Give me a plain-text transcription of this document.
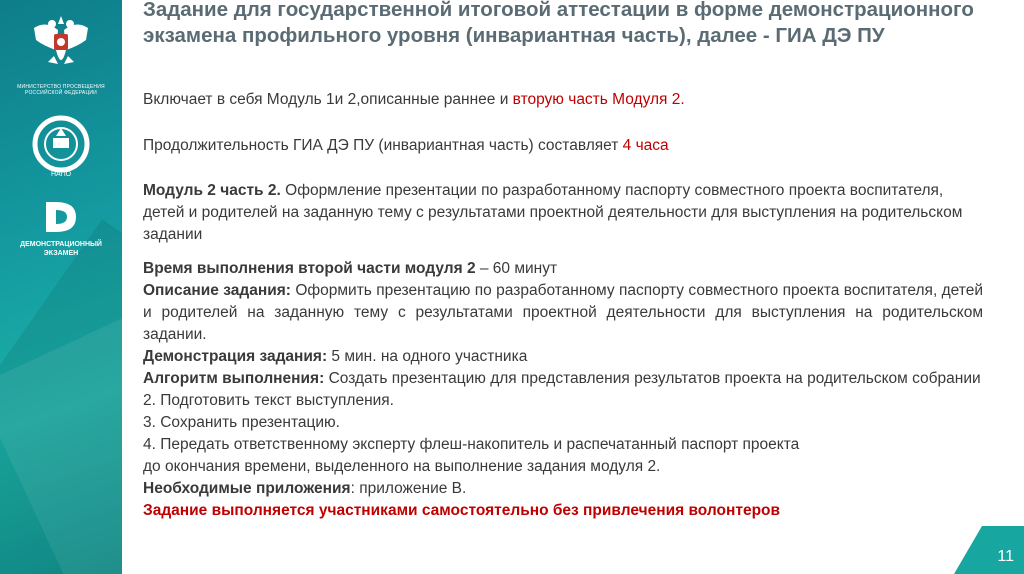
МИНИСТЕРСТВО ПРОСВЕЩЕНИЯ
РОССИЙСКОЙ ФЕДЕРАЦИИ
НАПО
ДЕМОНСТРАЦИОННЫЙ
ЭКЗАМЕН
Задание для государственной итоговой аттестации в форме демонстрационного экзамена профильного уровня (инвариантная часть), далее - ГИА ДЭ ПУ

Включает в себя Модуль 1и 2,описанные раннее и вторую часть Модуля 2.

Продолжительность ГИА ДЭ ПУ (инвариантная часть) составляет 4 часа

Модуль 2 часть 2. Оформление презентации по разработанному паспорту совместного проекта воспитателя, детей и родителей на заданную тему с результатами проектной деятельности для выступления на родительском задании

Время выполнения второй части модуля 2 – 60 минут

Описание задания: Оформить презентацию по разработанному паспорту совместного проекта воспитателя, детей и родителей на заданную тему с результатами проектной деятельности для выступления на родительском задании.

Демонстрация задания: 5 мин. на одного участника

Алгоритм выполнения: Создать презентацию для представления результатов проекта на родительском собрании

2. Подготовить текст выступления.

3. Сохранить презентацию.

4. Передать ответственному эксперту флеш-накопитель и распечатанный паспорт проекта
до окончания времени, выделенного на выполнение задания модуля 2.

Необходимые приложения: приложение В.

Задание выполняется участниками самостоятельно без привлечения волонтеров

11
